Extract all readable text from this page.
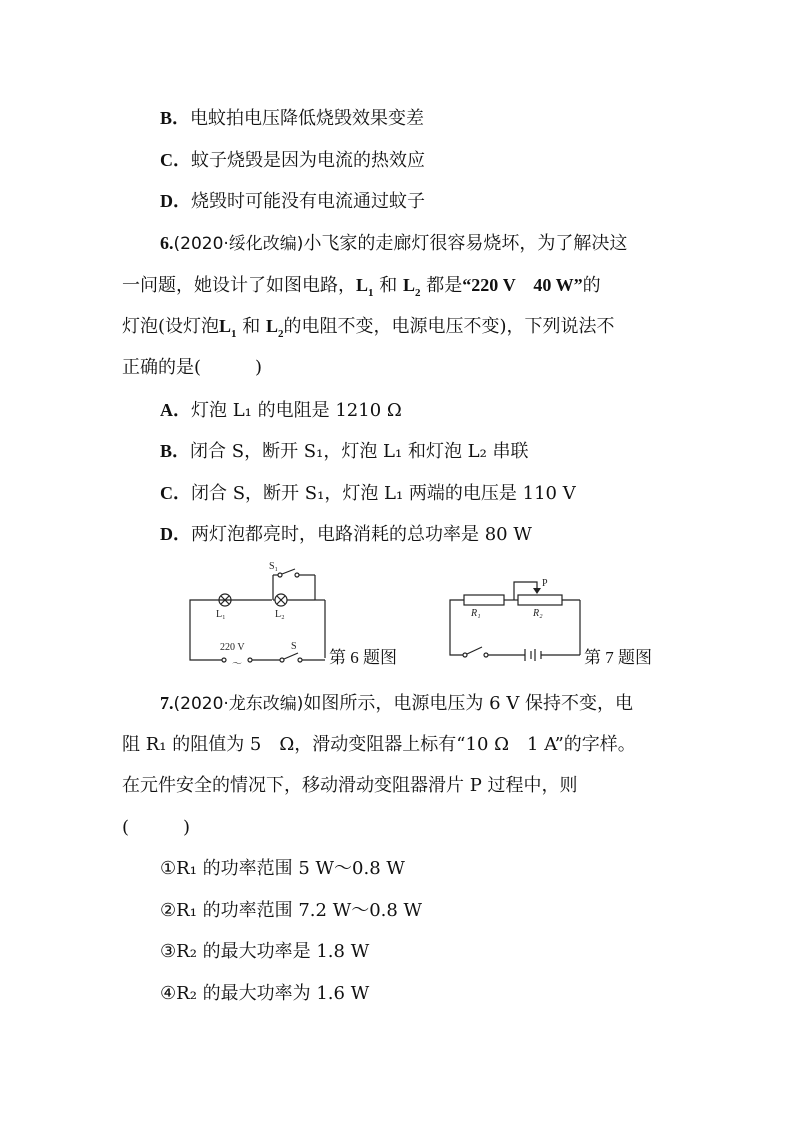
B．电蚊拍电压降低烧毁效果变差
C．蚊子烧毁是因为电流的热效应
D．烧毁时可能没有电流通过蚊子
6.(2020·绥化改编)小飞家的走廊灯很容易烧坏，为了解决这
一问题，她设计了如图电路，$L_1$ 和 $L_2$ 都是“220 V　40 W”的
灯泡(设灯泡$L_1$ 和 $L_2$的电阻不变，电源电压不变)，下列说法不
正确的是(　　　)
A．灯泡 L₁ 的电阻是 1210 Ω
B．闭合 S，断开 S₁，灯泡 L₁ 和灯泡 L₂ 串联
C．闭合 S，断开 S₁，灯泡 L₁ 两端的电压是 110 V
D．两灯泡都亮时，电路消耗的总功率是 80 W
S₁
L₁	L₂
220 V
～
S
P
R₁	R₂
第 6 题图	第 7 题图
7.(2020·龙东改编)如图所示，电源电压为 6 V 保持不变，电
阻 R₁ 的阻值为 5　Ω，滑动变阻器上标有“10 Ω　1 A”的字样。
在元件安全的情况下，移动滑动变阻器滑片 P 过程中，则
(　　　)
①R₁ 的功率范围 5 W～0.8 W
②R₁ 的功率范围 7.2 W～0.8 W
③R₂ 的最大功率是 1.8 W
④R₂ 的最大功率为 1.6 W
